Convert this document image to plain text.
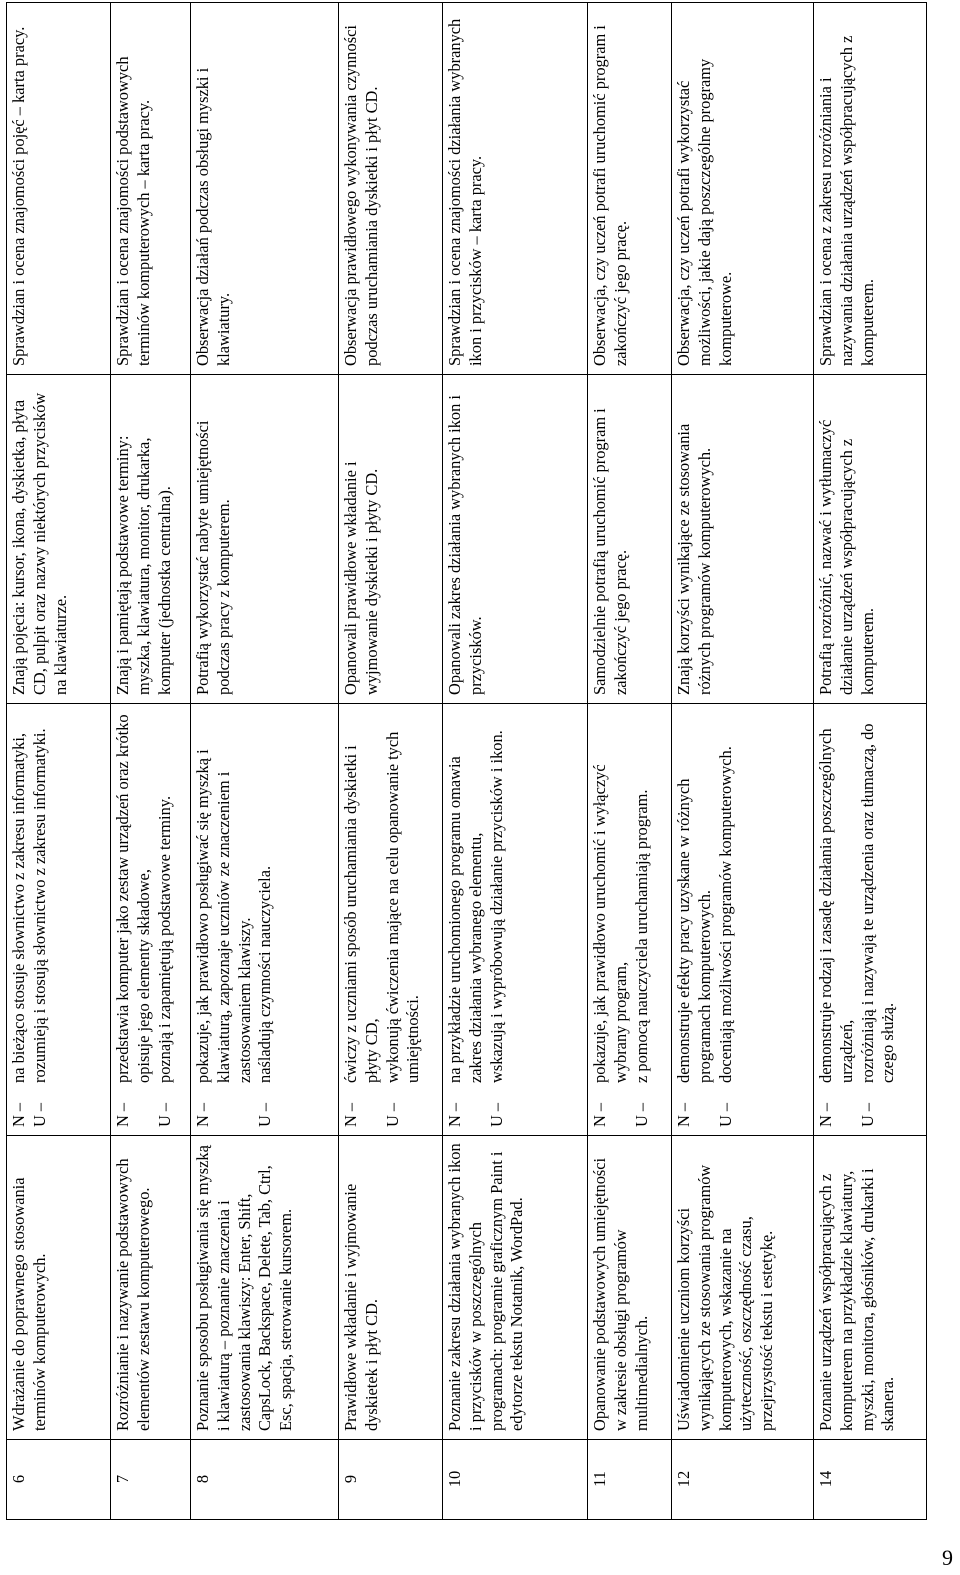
6	Wdrażanie do poprawnego stosowania terminów komputerowych.	N –
na bieżąco stosuje słownictwo z zakresu informatyki,
U –
rozumieją i stosują słownictwo z zakresu informatyki.	Znają pojęcia: kursor, ikona, dyskietka, płyta CD, pulpit oraz nazwy niektórych przycisków na klawiaturze.	Sprawdzian i ocena znajomości pojęć – karta pracy.
7	Rozróżnianie i nazywanie podstawowych elementów zestawu komputerowego.	N –
przedstawia komputer jako zestaw urządzeń oraz krótko opisuje jego elementy składowe,
U –
poznają i zapamiętują podstawowe terminy.	Znają i pamiętają podstawowe terminy: myszka, klawiatura, monitor, drukarka, komputer (jednostka centralna).	Sprawdzian i ocena znajomości podstawowych terminów komputerowych – karta pracy.
8	Poznanie sposobu posługiwania się myszką i klawiaturą – poznanie znaczenia i zastosowania klawiszy: Enter, Shift, CapsLock, Backspace, Delete, Tab, Ctrl, Esc, spacja, sterowanie kursorem.	N –
pokazuje, jak prawidłowo posługiwać się myszką i klawiaturą, zapoznaje uczniów ze znaczeniem i zastosowaniem klawiszy.
U –
naśladują czynności nauczyciela.	Potrafią wykorzystać nabyte umiejętności podczas pracy z komputerem.	Obserwacja działań podczas obsługi myszki i klawiatury.
9	Prawidłowe wkładanie i wyjmowanie dyskietek i płyt CD.	N –
ćwiczy z uczniami sposób uruchamiania dyskietki i płyty CD,
U –
wykonują ćwiczenia mające na celu opanowanie tych umiejętności.	Opanowali prawidłowe wkładanie i wyjmowanie dyskietki i płyty CD.	Obserwacja prawidłowego wykonywania czynności podczas uruchamiania dyskietki i płyt CD.
10	Poznanie zakresu działania wybranych ikon i przycisków w poszczególnych programach: programie graficznym Paint i edytorze tekstu Notatnik, WordPad.	N –
na przykładzie uruchomionego programu omawia zakres działania wybranego elementu,
U –
wskazują i wypróbowują działanie przycisków i ikon.	Opanowali zakres działania wybranych ikon i przycisków.	Sprawdzian i ocena znajomości działania wybranych ikon i przycisków – karta pracy.
11	Opanowanie podstawowych umiejętności w zakresie obsługi programów multimedialnych.	N –
pokazuje, jak prawidłowo uruchomić i wyłączyć wybrany program,
U –
z pomocą nauczyciela uruchamiają program.	Samodzielnie potrafią uruchomić program i zakończyć jego pracę.	Obserwacja, czy uczeń potrafi uruchomić program i zakończyć jego pracę.
12	Uświadomienie uczniom korzyści wynikających ze stosowania programów komputerowych, wskazanie na użyteczność, oszczędność czasu, przejrzystość tekstu i estetykę.	N –
demonstruje efekty pracy uzyskane w różnych programach komputerowych.
U –
doceniają możliwości programów komputerowych.	Znają korzyści wynikające ze stosowania różnych programów komputerowych.	Obserwacja, czy uczeń potrafi wykorzystać możliwości, jakie dają poszczególne programy komputerowe.
14	Poznanie urządzeń współpracujących z komputerem na przykładzie klawiatury, myszki, monitora, głośników, drukarki i skanera.	N –
demonstruje rodzaj i zasadę działania poszczególnych urządzeń,
U –
rozróżniają i nazywają te urządzenia oraz tłumaczą, do czego służą.	Potrafią rozróżnić, nazwać i wytłumaczyć działanie urządzeń współpracujących z komputerem.	Sprawdzian i ocena z zakresu rozróżniania i nazywania działania urządzeń współpracujących z komputerem.
9
